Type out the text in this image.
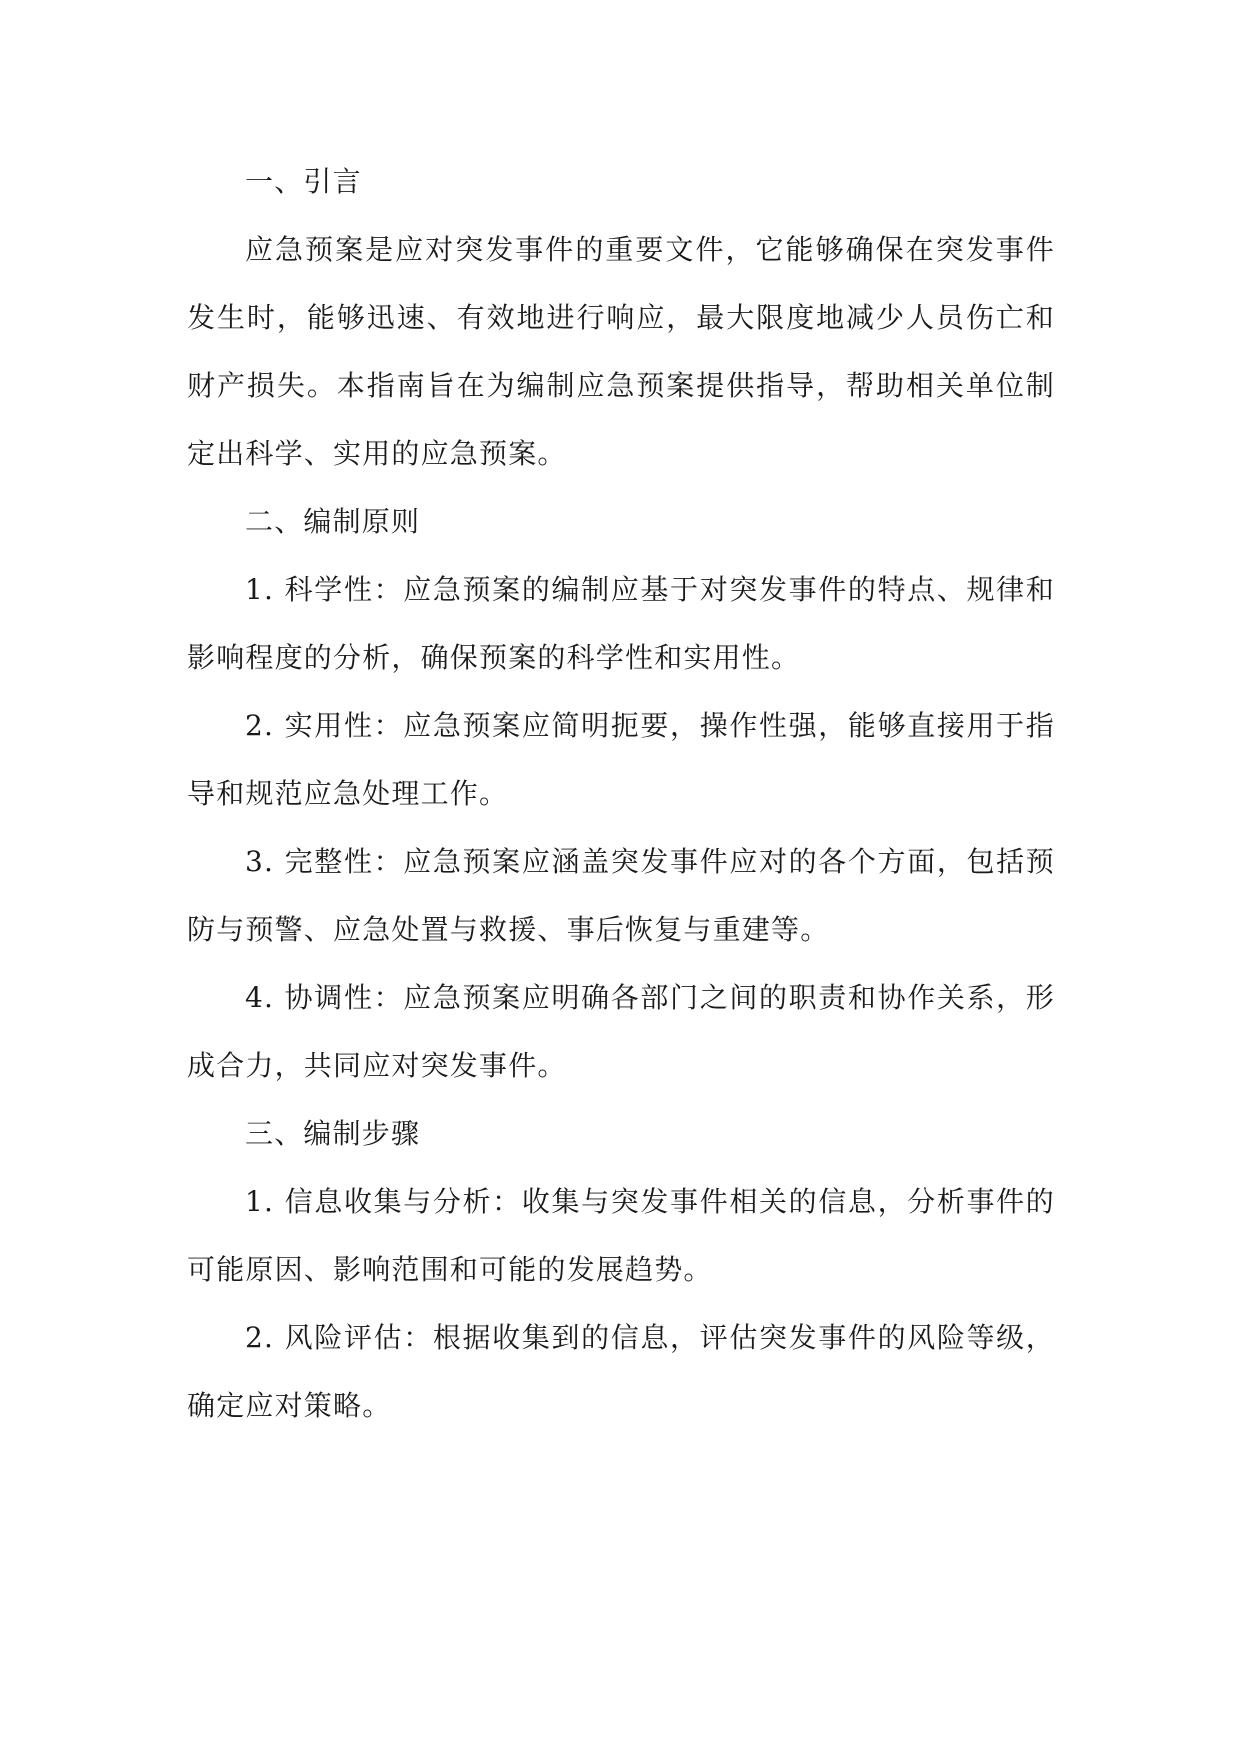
一、引言

应急预案是应对突发事件的重要文件，它能够确保在突发事件发生时，能够迅速、有效地进行响应，最大限度地减少人员伤亡和财产损失。本指南旨在为编制应急预案提供指导，帮助相关单位制定出科学、实用的应急预案。

二、编制原则

1. 科学性：应急预案的编制应基于对突发事件的特点、规律和影响程度的分析，确保预案的科学性和实用性。

2. 实用性：应急预案应简明扼要，操作性强，能够直接用于指导和规范应急处理工作。

3. 完整性：应急预案应涵盖突发事件应对的各个方面，包括预防与预警、应急处置与救援、事后恢复与重建等。

4. 协调性：应急预案应明确各部门之间的职责和协作关系，形成合力，共同应对突发事件。

三、编制步骤

1. 信息收集与分析：收集与突发事件相关的信息，分析事件的可能原因、影响范围和可能的发展趋势。

2. 风险评估：根据收集到的信息，评估突发事件的风险等级，确定应对策略。
